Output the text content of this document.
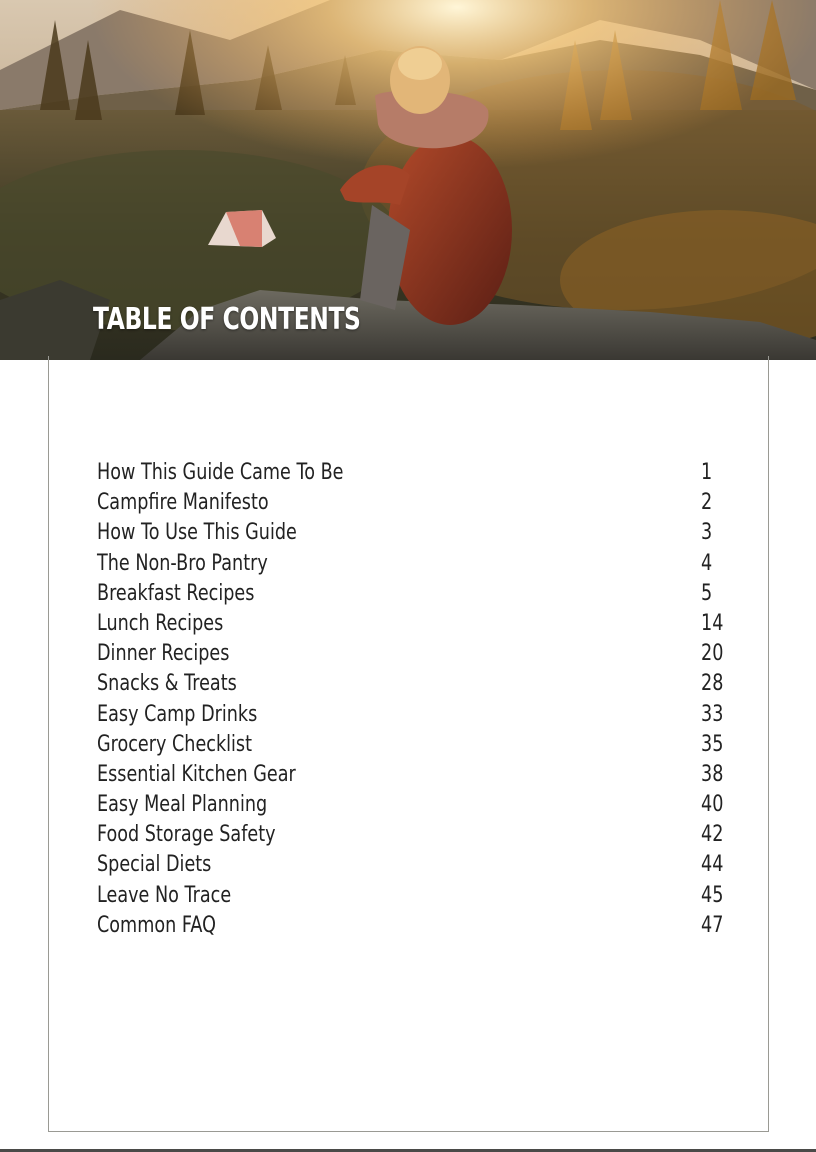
TABLE OF CONTENTS
How This Guide Came To Be	1
Campfire Manifesto	2
How To Use This Guide	3
The Non-Bro Pantry	4
Breakfast Recipes	5
Lunch Recipes	14
Dinner Recipes	20
Snacks & Treats	28
Easy Camp Drinks	33
Grocery Checklist	35
Essential Kitchen Gear	38
Easy Meal Planning	40
Food Storage Safety	42
Special Diets	44
Leave No Trace	45
Common FAQ	47
